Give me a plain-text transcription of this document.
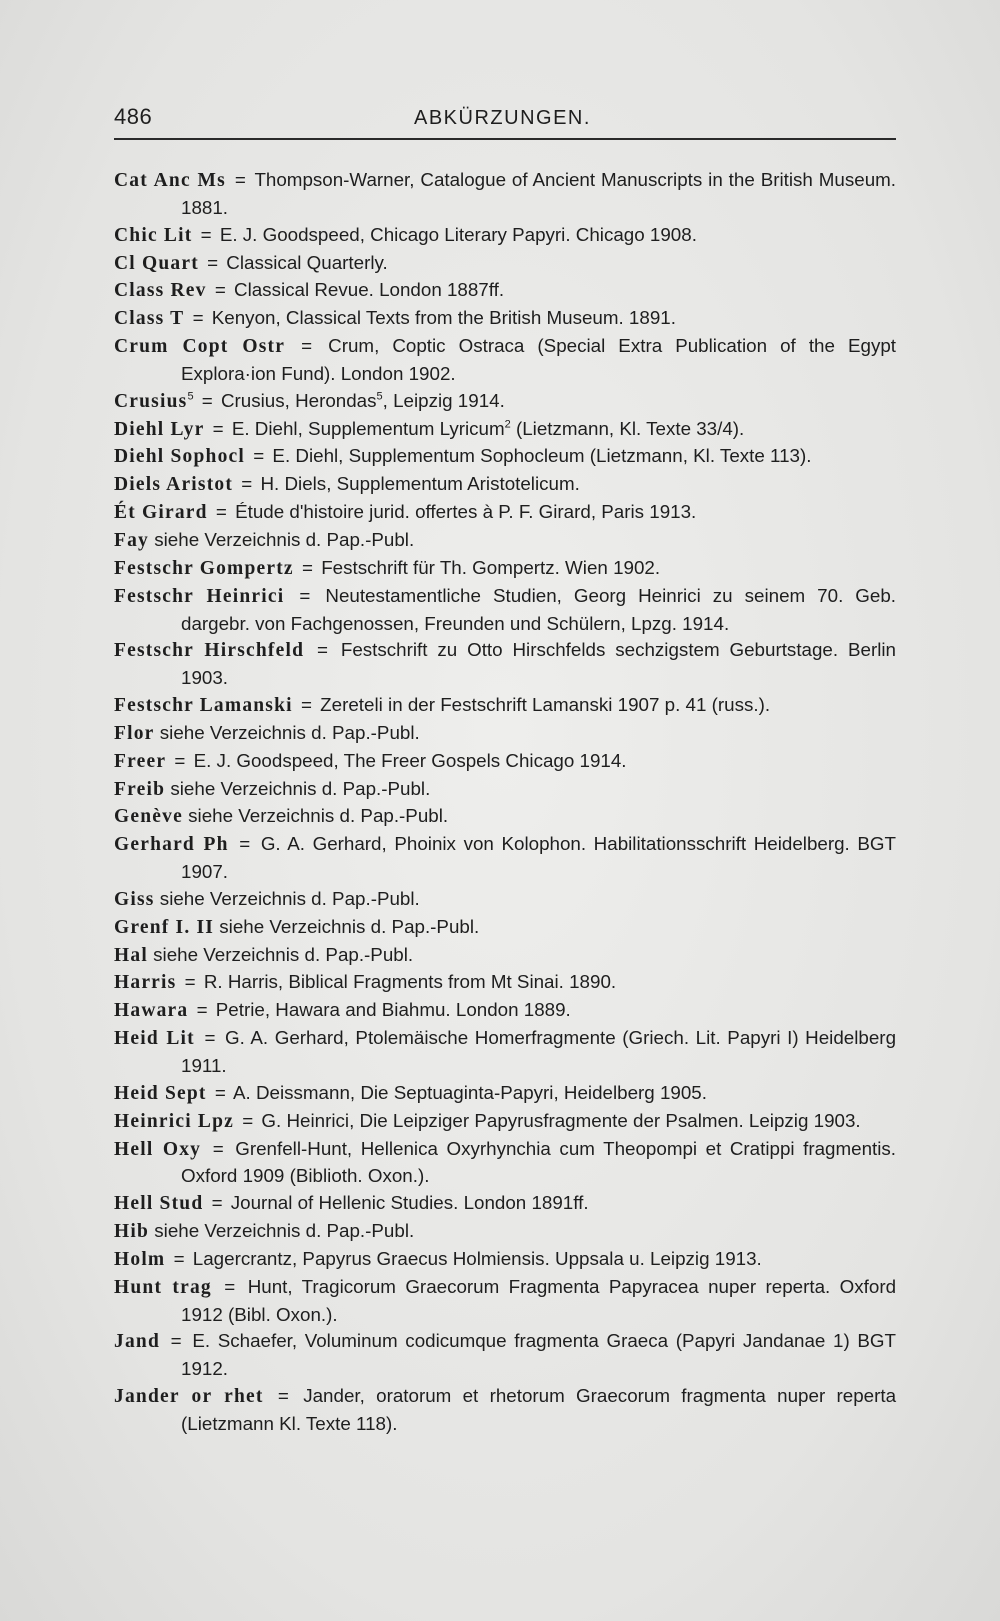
486	ABKÜRZUNGEN.
Cat Anc Ms = Thompson-Warner, Catalogue of Ancient Manuscripts in the British Museum. 1881.
Chic Lit = E. J. Goodspeed, Chicago Literary Papyri. Chicago 1908.
Cl Quart = Classical Quarterly.
Class Rev = Classical Revue. London 1887ff.
Class T = Kenyon, Classical Texts from the British Museum. 1891.
Crum Copt Ostr = Crum, Coptic Ostraca (Special Extra Publication of the Egypt Explora·ion Fund). London 1902.
Crusius$^5$ = Crusius, Herondas$^5$, Leipzig 1914.
Diehl Lyr = E. Diehl, Supplementum Lyricum$^2$ (Lietzmann, Kl. Texte 33/4).
Diehl Sophocl = E. Diehl, Supplementum Sophocleum (Lietzmann, Kl. Texte 113).
Diels Aristot = H. Diels, Supplementum Aristotelicum.
Ét Girard = Étude d'histoire jurid. offertes à P. F. Girard, Paris 1913.
Fay siehe Verzeichnis d. Pap.-Publ.
Festschr Gompertz = Festschrift für Th. Gompertz. Wien 1902.
Festschr Heinrici = Neutestamentliche Studien, Georg Heinrici zu seinem 70. Geb. dargebr. von Fachgenossen, Freunden und Schülern, Lpzg. 1914.
Festschr Hirschfeld = Festschrift zu Otto Hirschfelds sechzigstem Geburtstage. Berlin 1903.
Festschr Lamanski = Zereteli in der Festschrift Lamanski 1907 p. 41 (russ.).
Flor siehe Verzeichnis d. Pap.-Publ.
Freer = E. J. Goodspeed, The Freer Gospels Chicago 1914.
Freib siehe Verzeichnis d. Pap.-Publ.
Genève siehe Verzeichnis d. Pap.-Publ.
Gerhard Ph = G. A. Gerhard, Phoinix von Kolophon. Habilitationsschrift Heidelberg. BGT 1907.
Giss siehe Verzeichnis d. Pap.-Publ.
Grenf I. II siehe Verzeichnis d. Pap.-Publ.
Hal siehe Verzeichnis d. Pap.-Publ.
Harris = R. Harris, Biblical Fragments from Mt Sinai. 1890.
Hawara = Petrie, Hawara and Biahmu. London 1889.
Heid Lit = G. A. Gerhard, Ptolemäische Homerfragmente (Griech. Lit. Papyri I) Heidelberg 1911.
Heid Sept = A. Deissmann, Die Septuaginta-Papyri, Heidelberg 1905.
Heinrici Lpz = G. Heinrici, Die Leipziger Papyrusfragmente der Psalmen. Leipzig 1903.
Hell Oxy = Grenfell-Hunt, Hellenica Oxyrhynchia cum Theopompi et Cratippi fragmentis. Oxford 1909 (Biblioth. Oxon.).
Hell Stud = Journal of Hellenic Studies. London 1891ff.
Hib siehe Verzeichnis d. Pap.-Publ.
Holm = Lagercrantz, Papyrus Graecus Holmiensis. Uppsala u. Leipzig 1913.
Hunt trag = Hunt, Tragicorum Graecorum Fragmenta Papyracea nuper reperta. Oxford 1912 (Bibl. Oxon.).
Jand = E. Schaefer, Voluminum codicumque fragmenta Graeca (Papyri Jandanae 1) BGT 1912.
Jander or rhet = Jander, oratorum et rhetorum Graecorum fragmenta nuper reperta (Lietzmann Kl. Texte 118).
